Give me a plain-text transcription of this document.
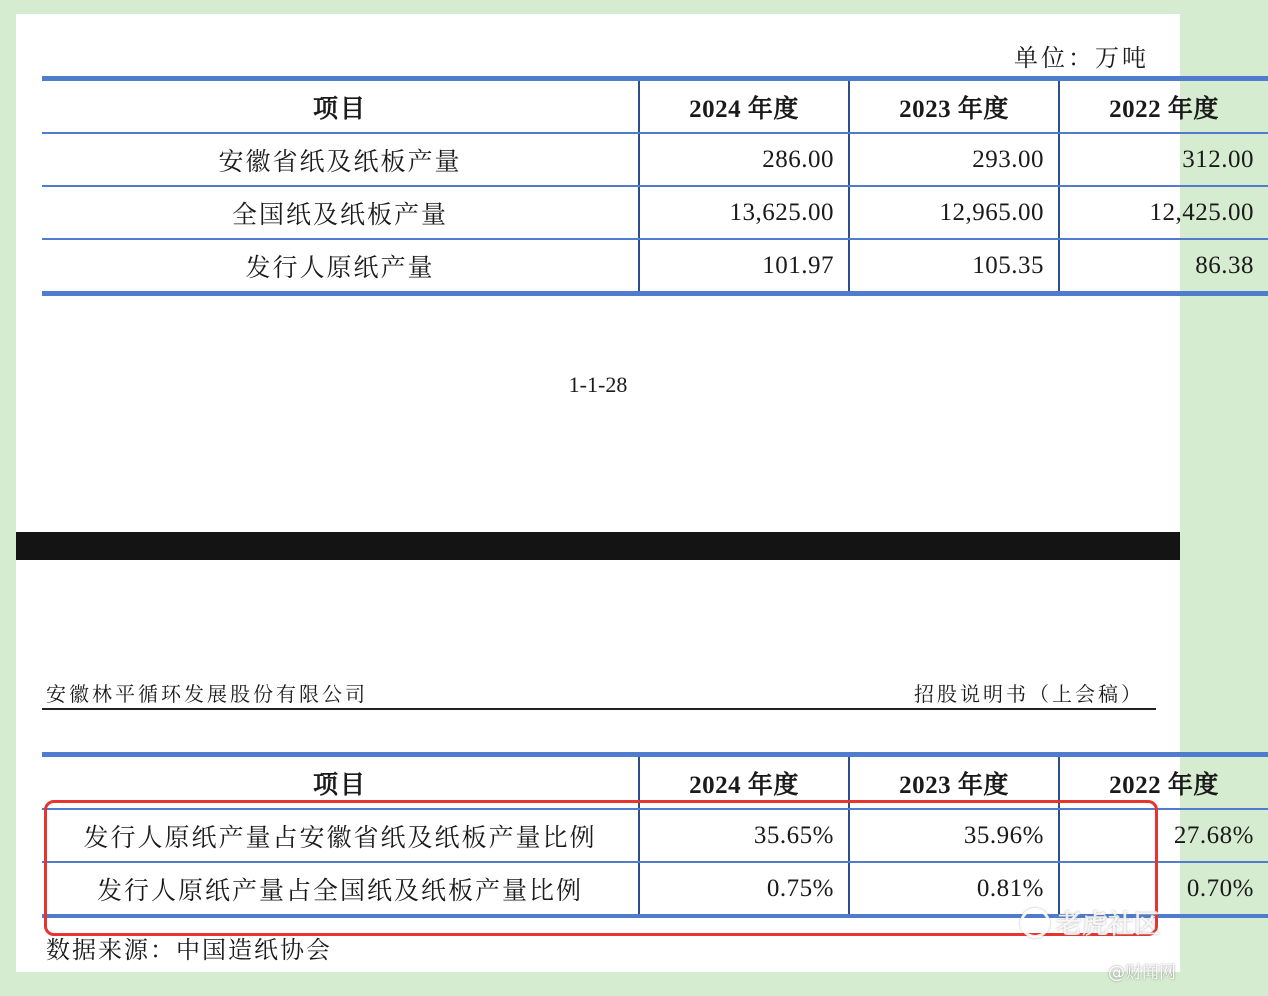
单位：万吨
项目	2024 年度	2023 年度	2022 年度
安徽省纸及纸板产量	286.00	293.00	312.00
全国纸及纸板产量	13,625.00	12,965.00	12,425.00
发行人原纸产量	101.97	105.35	86.38
1-1-28
安徽林平循环发展股份有限公司	招股说明书（上会稿）
项目	2024 年度	2023 年度	2022 年度
发行人原纸产量占安徽省纸及纸板产量比例	35.65%	35.96%	27.68%
发行人原纸产量占全国纸及纸板产量比例	0.75%	0.81%	0.70%
数据来源：中国造纸协会
老虎社区
@财闻网
